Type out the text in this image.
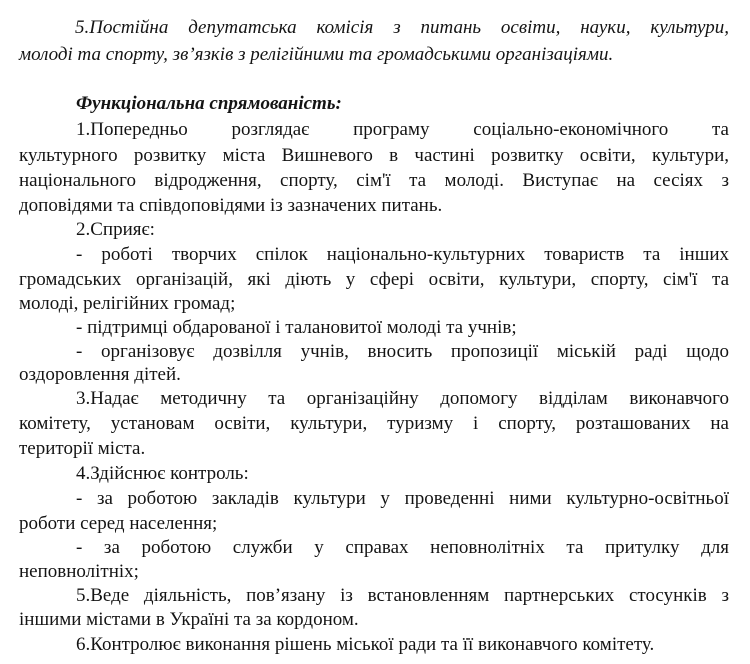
5.Постійна депутатська комісія з питань освіти, науки, культури,
молоді та спорту, зв’язків з релігійними та громадськими організаціями.
Функціональна спрямованість:
1.Попередньо розглядає програму соціально-економічного та
культурного розвитку міста Вишневого в частині розвитку освіти, культури,
національного відродження, спорту, сім'ї та молоді. Виступає на сесіях з
доповідями та співдоповідями із зазначених питань.
2.Сприяє:
- роботі творчих спілок національно-культурних товариств та інших
громадських організацій, які діють у сфері освіти, культури, спорту, сім'ї та
молоді, релігійних громад;
- підтримці обдарованої і талановитої молоді та учнів;
- організовує дозвілля учнів, вносить пропозиції міській раді щодо
оздоровлення дітей.
3.Надає методичну та організаційну допомогу відділам виконавчого
комітету, установам освіти, культури, туризму і спорту, розташованих на
території міста.
4.Здійснює контроль:
- за роботою закладів культури у проведенні ними культурно-освітньої
роботи серед населення;
- за роботою служби у справах неповнолітніх та притулку для
неповнолітніх;
5.Веде діяльність, пов’язану із встановленням партнерських стосунків з
іншими містами в Україні та за кордоном.
6.Контролює виконання рішень міської ради та її виконавчого комітету.
